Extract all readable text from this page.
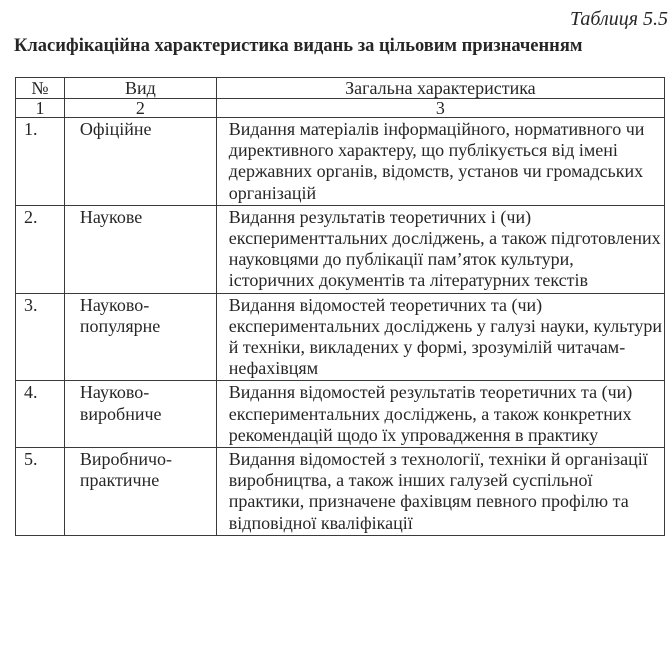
Таблиця 5.5
Класифікаційна характеристика видань за цільовим призначенням
№	Вид	Загальна характеристика
1	2	3
1.	Офіційне	Видання матеріалів інформаційного, нормативного чи директивного характеру, що публікується від імені державних органів, відомств, установ чи громадських організацій
2.	Наукове	Видання результатів теоретичних і (чи) експерименттальних досліджень, а також підготовлених науковцями до публікації пам’яток культури, історичних документів та літературних текстів
3.	Науково-популярне	Видання відомостей теоретичних та (чи) експериментальних досліджень у галузі науки, культури й техніки, викладених у формі, зрозумілій читачам-нефахівцям
4.	Науково-виробниче	Видання відомостей результатів теоретичних та (чи) експериментальних досліджень, а також конкретних рекомендацій щодо їх упровадження в практику
5.	Виробничо-практичне	Видання відомостей з технології, техніки й організації виробництва, а також інших галузей суспільної практики, призначене фахівцям певного профілю та відповідної кваліфікації
